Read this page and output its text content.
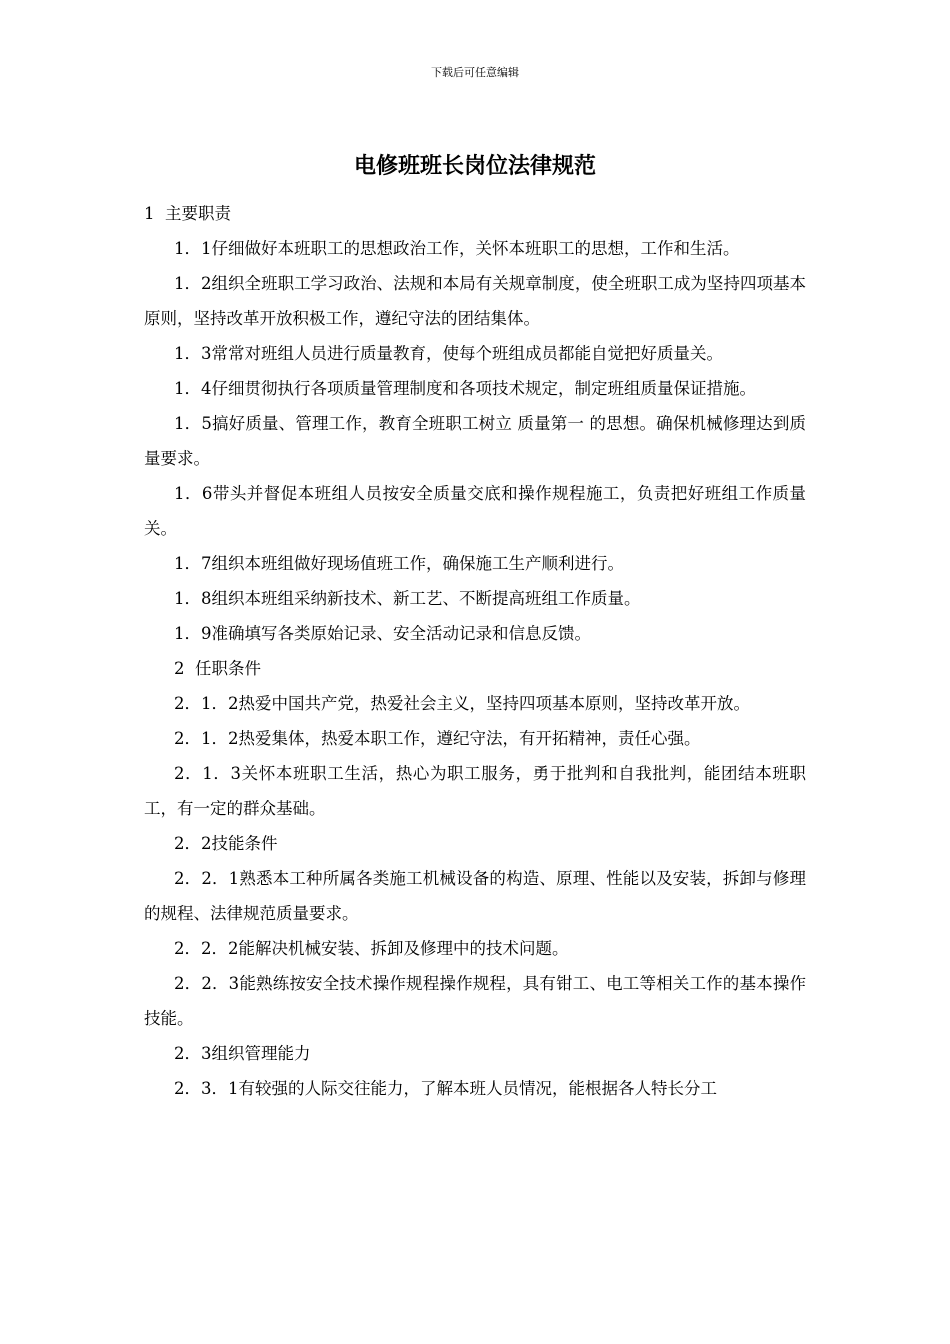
下载后可任意编辑
电修班班长岗位法律规范

1  主要职责

1．1仔细做好本班职工的思想政治工作，关怀本班职工的思想，工作和生活。

1．2组织全班职工学习政治、法规和本局有关规章制度，使全班职工成为坚持四项基本原则，坚持改革开放积极工作，遵纪守法的团结集体。

1．3常常对班组人员进行质量教育，使每个班组成员都能自觉把好质量关。

1．4仔细贯彻执行各项质量管理制度和各项技术规定，制定班组质量保证措施。

1．5搞好质量、管理工作，教育全班职工树立 质量第一 的思想。确保机械修理达到质量要求。

1．6带头并督促本班组人员按安全质量交底和操作规程施工，负责把好班组工作质量关。

1．7组织本班组做好现场值班工作，确保施工生产顺利进行。

1．8组织本班组采纳新技术、新工艺、不断提高班组工作质量。

1．9准确填写各类原始记录、安全活动记录和信息反馈。

2  任职条件

2．1．2热爱中国共产党，热爱社会主义，坚持四项基本原则，坚持改革开放。

2．1．2热爱集体，热爱本职工作，遵纪守法，有开拓精神，责任心强。

2．1．3关怀本班职工生活，热心为职工服务，勇于批判和自我批判，能团结本班职工，有一定的群众基础。

2．2技能条件

2．2．1熟悉本工种所属各类施工机械设备的构造、原理、性能以及安装，拆卸与修理的规程、法律规范质量要求。

2．2．2能解决机械安装、拆卸及修理中的技术问题。

2．2．3能熟练按安全技术操作规程操作规程，具有钳工、电工等相关工作的基本操作技能。

2．3组织管理能力

2．3．1有较强的人际交往能力，了解本班人员情况，能根据各人特长分工
